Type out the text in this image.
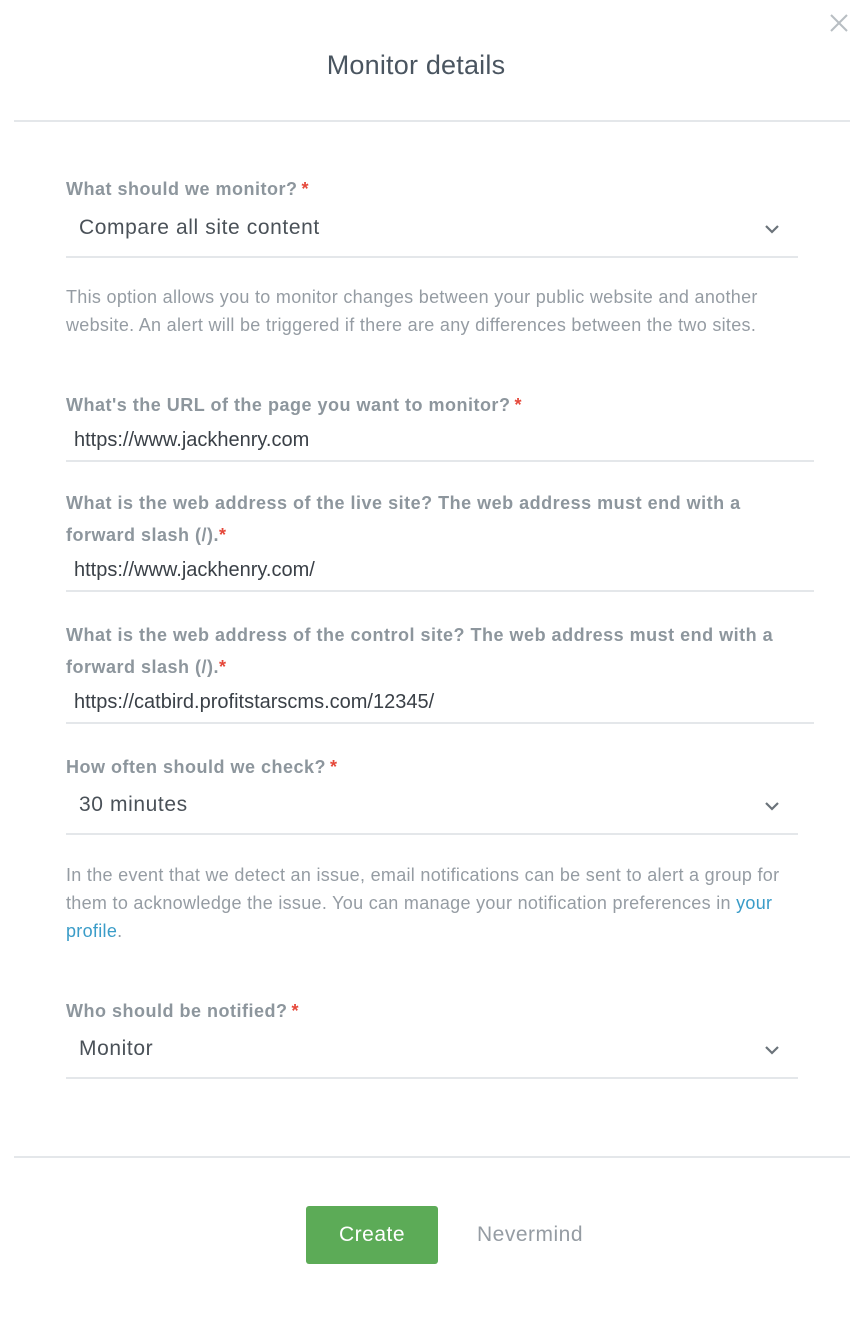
Monitor details
What should we monitor? *
Compare all site content
This option allows you to monitor changes between your public website and another website. An alert will be triggered if there are any differences between the two sites.
What's the URL of the page you want to monitor? *
https://www.jackhenry.com
What is the web address of the live site? The web address must end with a forward slash (/).*
https://www.jackhenry.com/
What is the web address of the control site? The web address must end with a forward slash (/).*
https://catbird.profitstarscms.com/12345/
How often should we check? *
30 minutes
In the event that we detect an issue, email notifications can be sent to alert a group for them to acknowledge the issue. You can manage your notification preferences in your profile.
Who should be notified? *
Monitor
Create	Nevermind
